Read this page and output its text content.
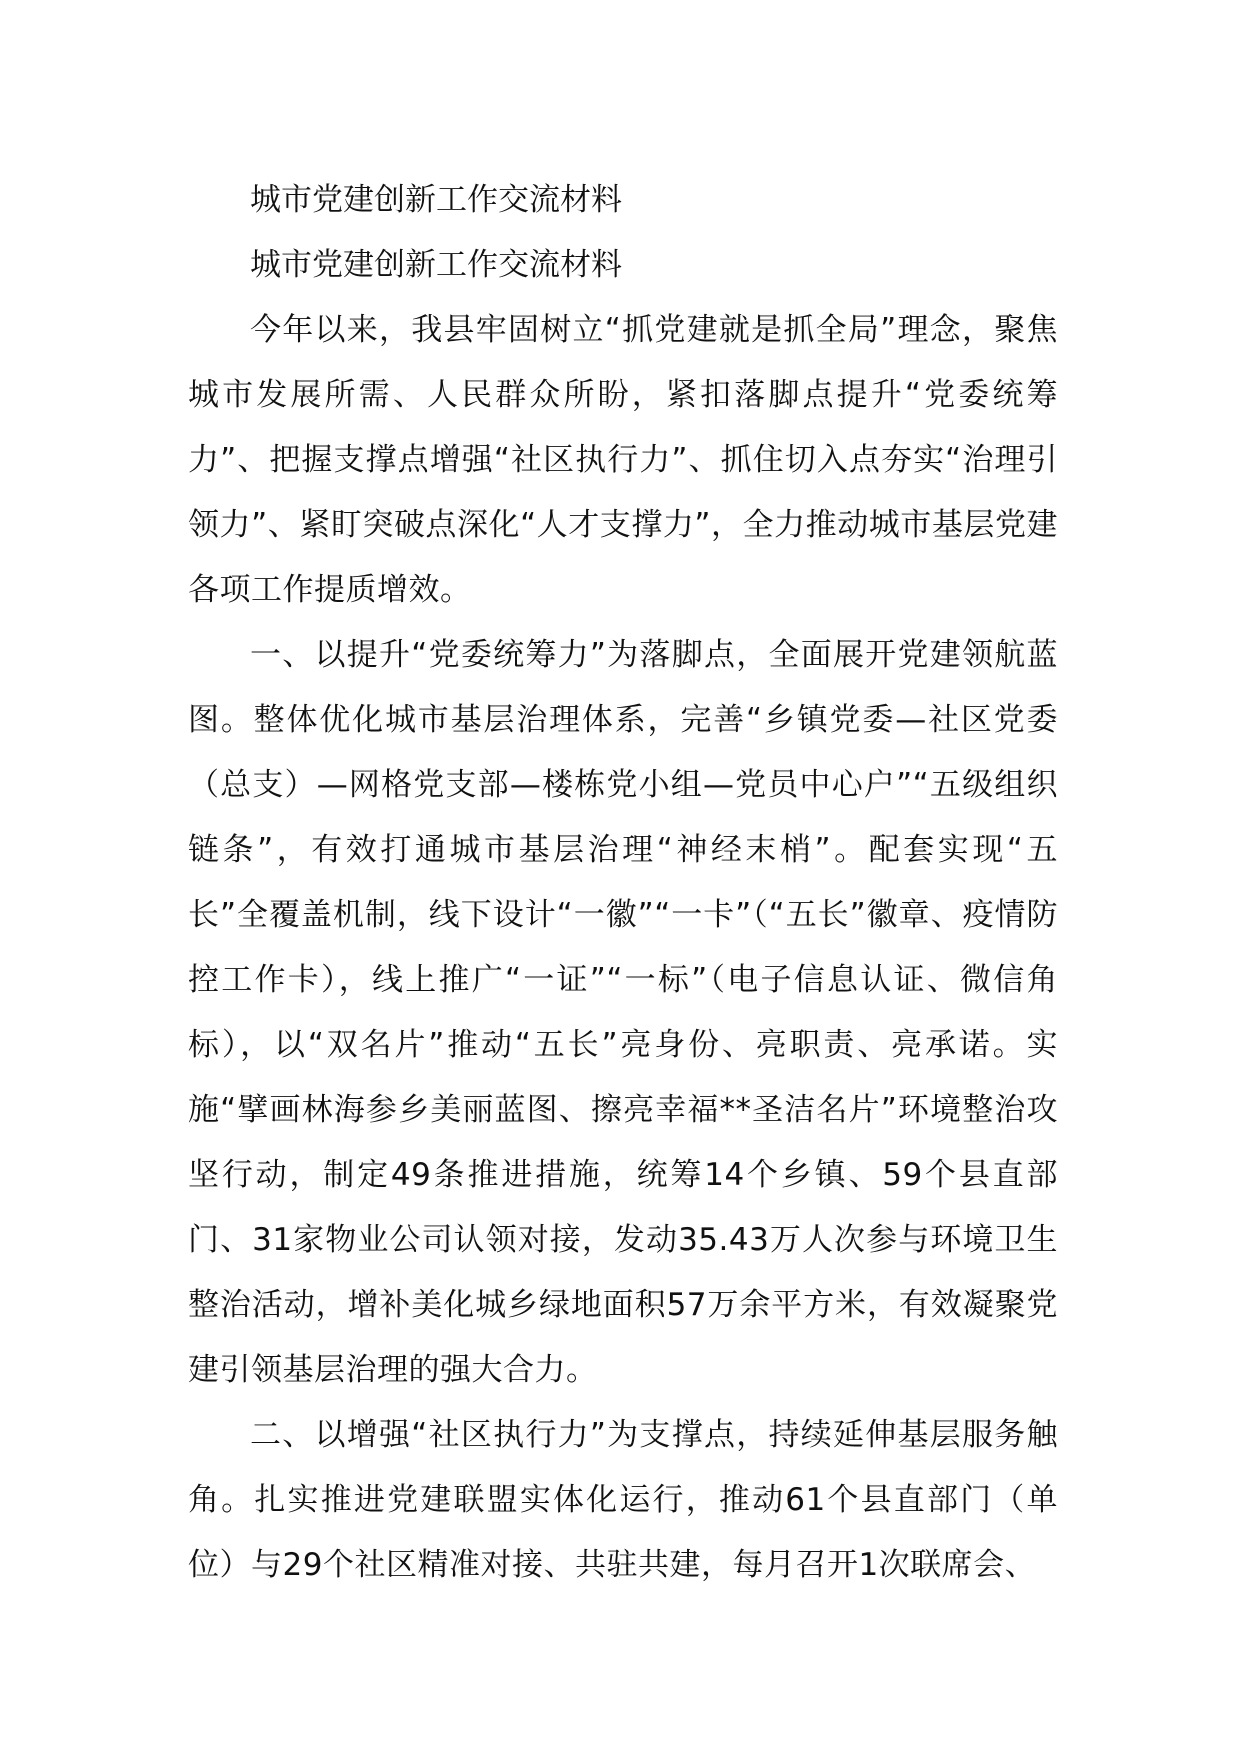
城市党建创新工作交流材料

城市党建创新工作交流材料

今年以来，我县牢固树立“抓党建就是抓全局”理念，聚焦城市发展所需、人民群众所盼，紧扣落脚点提升“党委统筹力”、把握支撑点增强“社区执行力”、抓住切入点夯实“治理引领力”、紧盯突破点深化“人才支撑力”，全力推动城市基层党建各项工作提质增效。

一、以提升“党委统筹力”为落脚点，全面展开党建领航蓝图。整体优化城市基层治理体系，完善“乡镇党委—社区党委（总支）—网格党支部—楼栋党小组—党员中心户”“五级组织链条”，有效打通城市基层治理“神经末梢”。配套实现“五长”全覆盖机制，线下设计“一徽”“一卡”（“五长”徽章、疫情防控工作卡），线上推广“一证”“一标”（电子信息认证、微信角标），以“双名片”推动“五长”亮身份、亮职责、亮承诺。实施“擘画林海参乡美丽蓝图、擦亮幸福**圣洁名片”环境整治攻坚行动，制定49条推进措施，统筹14个乡镇、59个县直部门、31家物业公司认领对接，发动35.43万人次参与环境卫生整治活动，增补美化城乡绿地面积57万余平方米，有效凝聚党建引领基层治理的强大合力。

二、以增强“社区执行力”为支撑点，持续延伸基层服务触角。扎实推进党建联盟实体化运行，推动61个县直部门（单位）与29个社区精准对接、共驻共建，每月召开1次联席会、
